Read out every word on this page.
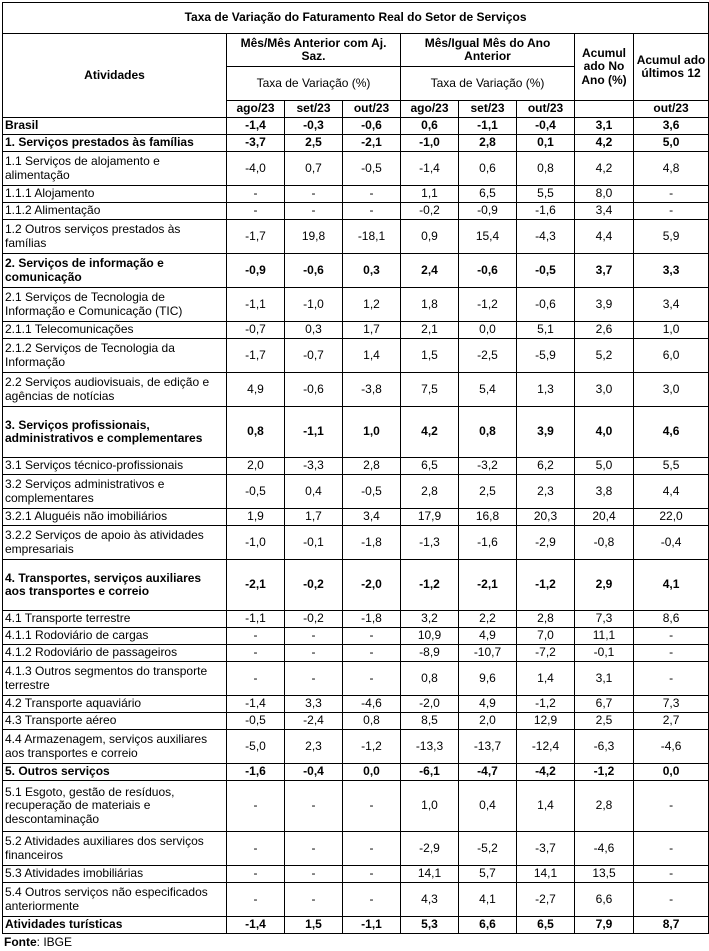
Taxa de Variação do Faturamento Real do Setor de Serviços								
Atividades	Mês/Mês Anterior com Aj. Saz.			Mês/Igual Mês do Ano Anterior			Acumul ado No Ano (%)	Acumul ado últimos 12
	Taxa de Variação (%)			Taxa de Variação (%)				
	ago/23	set/23	out/23	ago/23	set/23	out/23		out/23
Brasil	-1,4	-0,3	-0,6	0,6	-1,1	-0,4	3,1	3,6
1. Serviços prestados às famílias	-3,7	2,5	-2,1	-1,0	2,8	0,1	4,2	5,0
1.1 Serviços de alojamento e alimentação	-4,0	0,7	-0,5	-1,4	0,6	0,8	4,2	4,8
1.1.1 Alojamento	-	-	-	1,1	6,5	5,5	8,0	-
1.1.2 Alimentação	-	-	-	-0,2	-0,9	-1,6	3,4	-
1.2 Outros serviços prestados às famílias	-1,7	19,8	-18,1	0,9	15,4	-4,3	4,4	5,9
2. Serviços de informação e comunicação	-0,9	-0,6	0,3	2,4	-0,6	-0,5	3,7	3,3
2.1 Serviços de Tecnologia de Informação e Comunicação (TIC)	-1,1	-1,0	1,2	1,8	-1,2	-0,6	3,9	3,4
2.1.1 Telecomunicações	-0,7	0,3	1,7	2,1	0,0	5,1	2,6	1,0
2.1.2 Serviços de Tecnologia da Informação	-1,7	-0,7	1,4	1,5	-2,5	-5,9	5,2	6,0
2.2 Serviços audiovisuais, de edição e agências de notícias	4,9	-0,6	-3,8	7,5	5,4	1,3	3,0	3,0
3. Serviços profissionais, administrativos e complementares	0,8	-1,1	1,0	4,2	0,8	3,9	4,0	4,6
3.1 Serviços técnico-profissionais	2,0	-3,3	2,8	6,5	-3,2	6,2	5,0	5,5
3.2 Serviços administrativos e complementares	-0,5	0,4	-0,5	2,8	2,5	2,3	3,8	4,4
3.2.1 Aluguéis não imobiliários	1,9	1,7	3,4	17,9	16,8	20,3	20,4	22,0
3.2.2 Serviços de apoio às atividades empresariais	-1,0	-0,1	-1,8	-1,3	-1,6	-2,9	-0,8	-0,4
4. Transportes, serviços auxiliares aos transportes e correio	-2,1	-0,2	-2,0	-1,2	-2,1	-1,2	2,9	4,1
4.1 Transporte terrestre	-1,1	-0,2	-1,8	3,2	2,2	2,8	7,3	8,6
4.1.1 Rodoviário de cargas	-	-	-	10,9	4,9	7,0	11,1	-
4.1.2 Rodoviário de passageiros	-	-	-	-8,9	-10,7	-7,2	-0,1	-
4.1.3 Outros segmentos do transporte terrestre	-	-	-	0,8	9,6	1,4	3,1	-
4.2 Transporte aquaviário	-1,4	3,3	-4,6	-2,0	4,9	-1,2	6,7	7,3
4.3 Transporte aéreo	-0,5	-2,4	0,8	8,5	2,0	12,9	2,5	2,7
4.4 Armazenagem, serviços auxiliares aos transportes e correio	-5,0	2,3	-1,2	-13,3	-13,7	-12,4	-6,3	-4,6
5. Outros serviços	-1,6	-0,4	0,0	-6,1	-4,7	-4,2	-1,2	0,0
5.1 Esgoto, gestão de resíduos, recuperação de materiais e descontaminação	-	-	-	1,0	0,4	1,4	2,8	-
5.2 Atividades auxiliares dos serviços financeiros	-	-	-	-2,9	-5,2	-3,7	-4,6	-
5.3 Atividades imobiliárias	-	-	-	14,1	5,7	14,1	13,5	-
5.4 Outros serviços não especificados anteriormente	-	-	-	4,3	4,1	-2,7	6,6	-
Atividades turísticas	-1,4	1,5	-1,1	5,3	6,6	6,5	7,9	8,7
Fonte: IBGE
